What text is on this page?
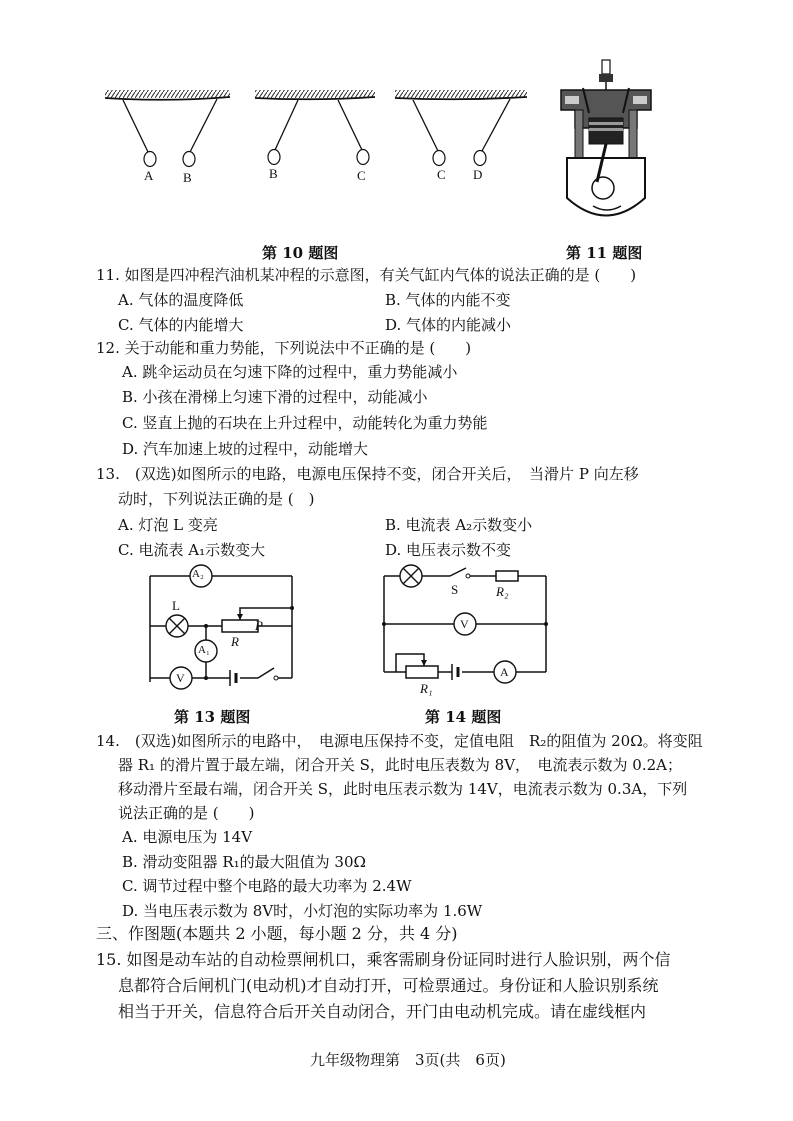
A B	B	C	C D
第 10 题图	第 11 题图
11. 如图是四冲程汽油机某冲程的示意图，有关气缸内气体的说法正确的是 (　　)
A. 气体的温度降低	B. 气体的内能不变
C. 气体的内能增大	D. 气体的内能减小
12. 关于动能和重力势能，下列说法中不正确的是 (　　)
A. 跳伞运动员在匀速下降的过程中，重力势能减小
B. 小孩在滑梯上匀速下滑的过程中，动能减小
C. 竖直上抛的石块在上升过程中，动能转化为重力势能
D. 汽车加速上坡的过程中，动能增大
13.　(双选)如图所示的电路，电源电压保持不变，闭合开关后，　当滑片 P 向左移
动时，下列说法正确的是 (　)
A. 灯泡 L 变亮	B. 电流表 A₂示数变小
C. 电流表 A₁示数变大	D. 电压表示数不变
A₂
L
P
R
A₁
V
S	R₂
V
A
R₁
第 13 题图	第 14 题图
14.　(双选)如图所示的电路中，　电源电压保持不变，定值电阻　R₂的阻值为 20Ω。将变阻
器 R₁ 的滑片置于最左端，闭合开关 S，此时电压表数为 8V，　电流表示数为 0.2A；
移动滑片至最右端，闭合开关 S，此时电压表示数为 14V，电流表示数为 0.3A，下列
说法正确的是 (　　)
A. 电源电压为 14V
B. 滑动变阻器 R₁的最大阻值为 30Ω
C. 调节过程中整个电路的最大功率为 2.4W
D. 当电压表示数为 8V时，小灯泡的实际功率为 1.6W
三、作图题(本题共 2 小题，每小题 2 分，共 4 分)
15. 如图是动车站的自动检票闸机口，乘客需刷身份证同时进行人脸识别，两个信
息都符合后闸机门(电动机)才自动打开，可检票通过。身份证和人脸识别系统
相当于开关，信息符合后开关自动闭合，开门由电动机完成。请在虚线框内
九年级物理第　3页(共　6页)
